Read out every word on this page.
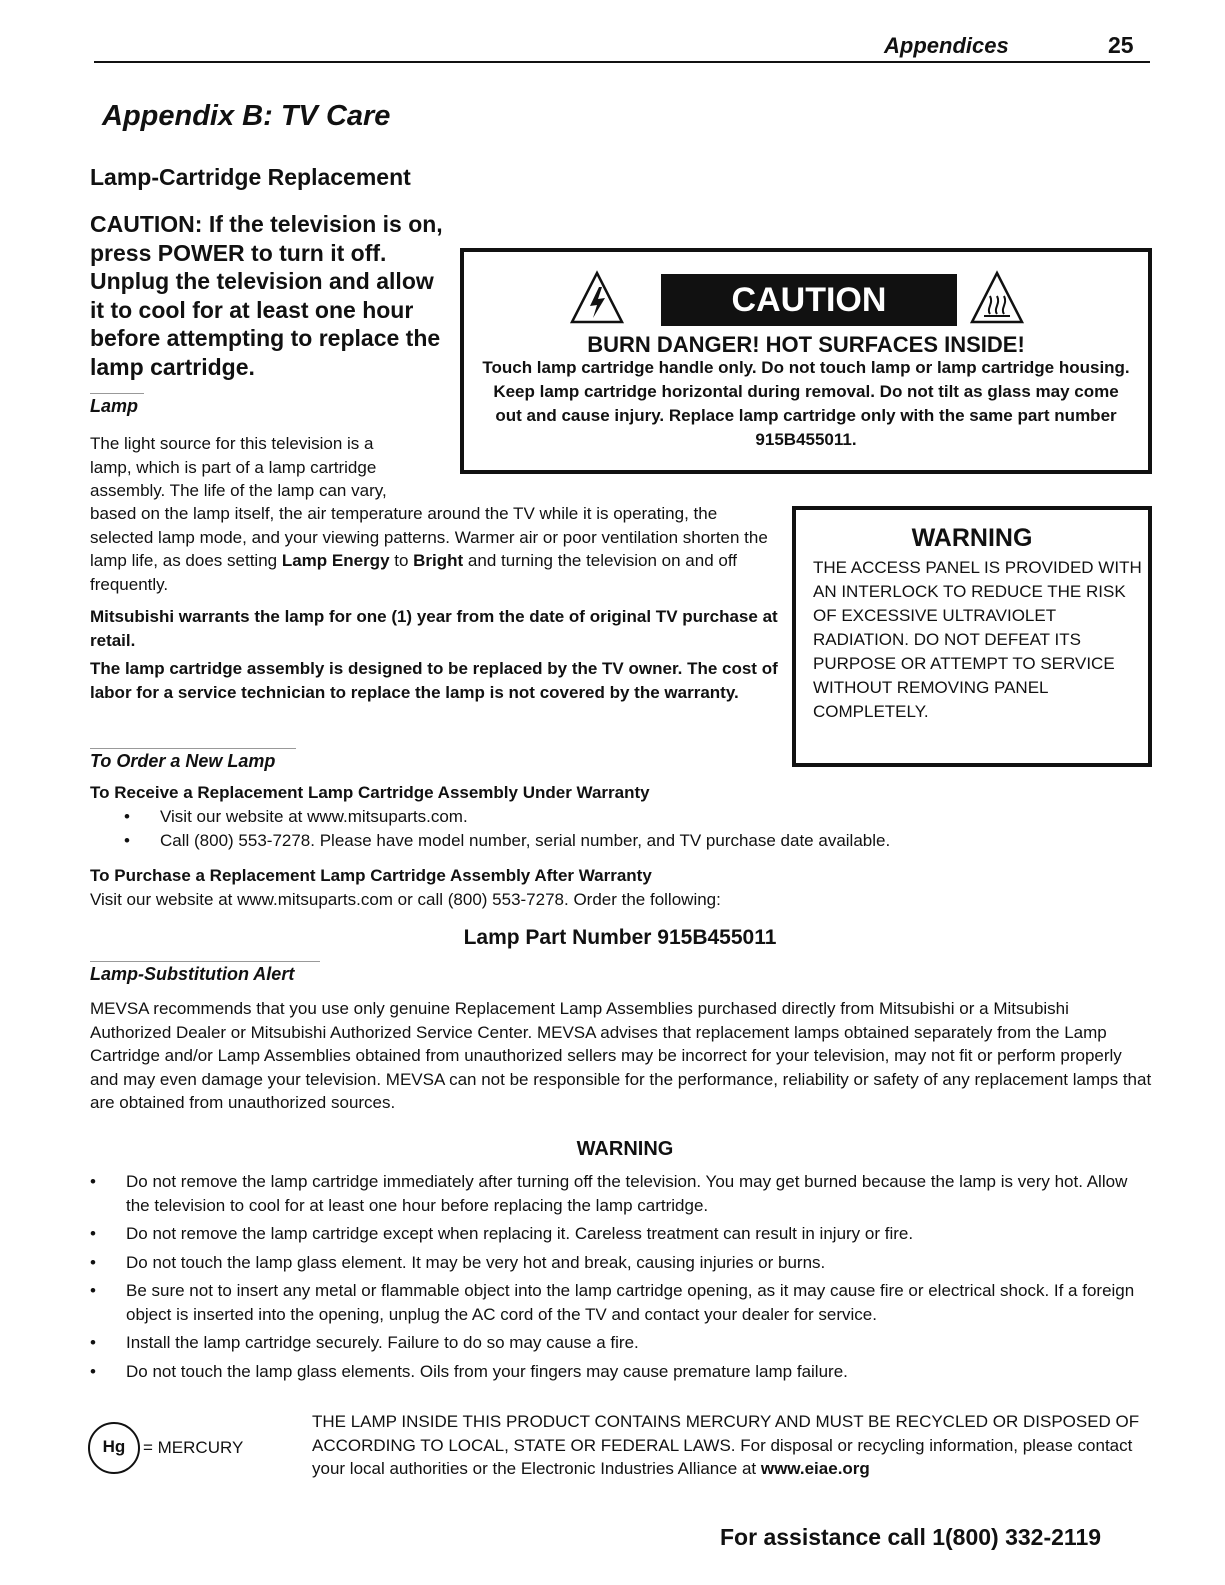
Appendices	25
Appendix B: TV Care
Lamp-Cartridge Replacement
CAUTION: If the television is on, press POWER to turn it off. Unplug the television and allow it to cool for at least one hour before attempting to replace the lamp cartridge.
CAUTION
BURN DANGER! HOT SURFACES INSIDE!
Touch lamp cartridge handle only. Do not touch lamp or lamp cartridge housing. Keep lamp cartridge horizontal during removal. Do not tilt as glass may come out and cause injury. Replace lamp cartridge only with the same part number 915B455011.
Lamp
The light source for this television is a
lamp, which is part of a lamp cartridge
assembly. The life of the lamp can vary,
based on the lamp itself, the air temperature around the TV while it is operating, the selected lamp mode, and your viewing patterns. Warmer air or poor ventilation shorten the lamp life, as does setting Lamp Energy to Bright and turning the television on and off frequently.
Mitsubishi warrants the lamp for one (1) year from the date of original TV purchase at retail.
The lamp cartridge assembly is designed to be replaced by the TV owner. The cost of labor for a service technician to replace the lamp is not covered by the warranty.
WARNING
THE ACCESS PANEL IS PROVIDED WITH AN INTERLOCK TO REDUCE THE RISK OF EXCESSIVE ULTRAVIOLET RADIATION. DO NOT DEFEAT ITS PURPOSE OR ATTEMPT TO SERVICE WITHOUT REMOVING PANEL COMPLETELY.
To Order a New Lamp
To Receive a Replacement Lamp Cartridge Assembly Under Warranty
• Visit our website at www.mitsuparts.com.
• Call (800) 553-7278. Please have model number, serial number, and TV purchase date available.
To Purchase a Replacement Lamp Cartridge Assembly After Warranty
Visit our website at www.mitsuparts.com or call (800) 553-7278. Order the following:
Lamp Part Number 915B455011
Lamp-Substitution Alert
MEVSA recommends that you use only genuine Replacement Lamp Assemblies purchased directly from Mitsubishi or a Mitsubishi Authorized Dealer or Mitsubishi Authorized Service Center. MEVSA advises that replacement lamps obtained separately from the Lamp Cartridge and/or Lamp Assemblies obtained from unauthorized sellers may be incorrect for your television, may not fit or perform properly and may even damage your television. MEVSA can not be responsible for the performance, reliability or safety of any replacement lamps that are obtained from unauthorized sources.
WARNING
• Do not remove the lamp cartridge immediately after turning off the television. You may get burned because the lamp is very hot. Allow the television to cool for at least one hour before replacing the lamp cartridge.
• Do not remove the lamp cartridge except when replacing it. Careless treatment can result in injury or fire.
• Do not touch the lamp glass element. It may be very hot and break, causing injuries or burns.
• Be sure not to insert any metal or flammable object into the lamp cartridge opening, as it may cause fire or electrical shock. If a foreign object is inserted into the opening, unplug the AC cord of the TV and contact your dealer for service.
• Install the lamp cartridge securely. Failure to do so may cause a fire.
• Do not touch the lamp glass elements. Oils from your fingers may cause premature lamp failure.
Hg	= MERCURY
THE LAMP INSIDE THIS PRODUCT CONTAINS MERCURY AND MUST BE RECYCLED OR DISPOSED OF ACCORDING TO LOCAL, STATE OR FEDERAL LAWS. For disposal or recycling information, please contact your local authorities or the Electronic Industries Alliance at www.eiae.org
For assistance call 1(800) 332-2119
